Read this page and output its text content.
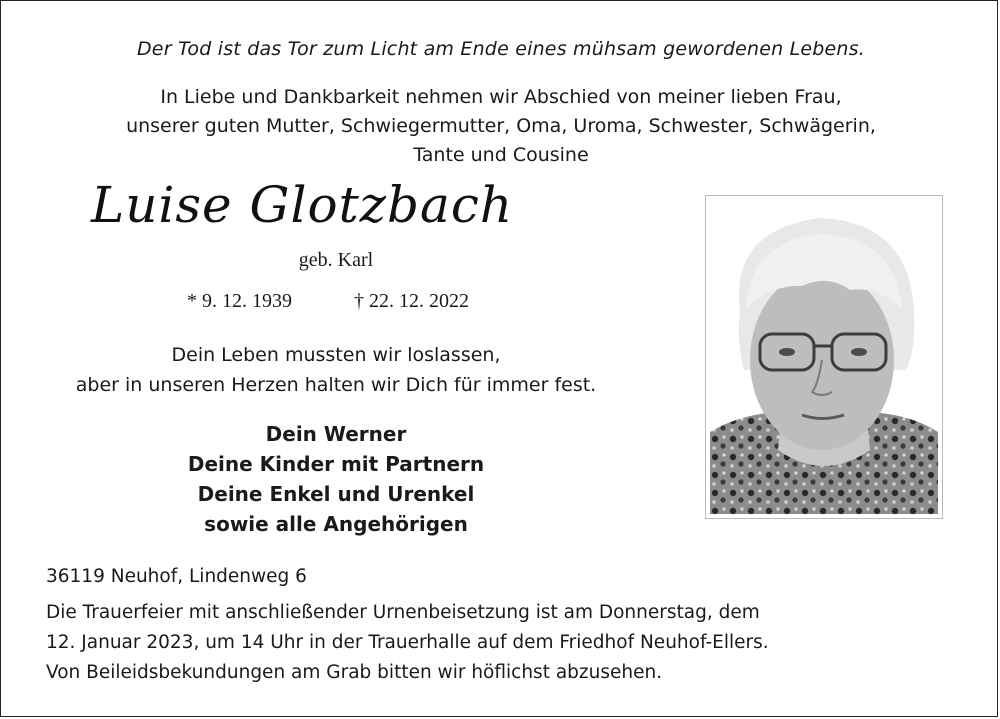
Der Tod ist das Tor zum Licht am Ende eines mühsam gewordenen Lebens.
In Liebe und Dankbarkeit nehmen wir Abschied von meiner lieben Frau,
unserer guten Mutter, Schwiegermutter, Oma, Uroma, Schwester, Schwägerin,
Tante und Cousine
Luise Glotzbach
geb. Karl
* 9. 12. 1939	† 22. 12. 2022
Dein Leben mussten wir loslassen,
aber in unseren Herzen halten wir Dich für immer fest.
Dein Werner
Deine Kinder mit Partnern
Deine Enkel und Urenkel
sowie alle Angehörigen
36119 Neuhof, Lindenweg 6
Die Trauerfeier mit anschließender Urnenbeisetzung ist am Donnerstag, dem
12. Januar 2023, um 14 Uhr in der Trauerhalle auf dem Friedhof Neuhof-Ellers.
Von Beileidsbekundungen am Grab bitten wir höflichst abzusehen.
